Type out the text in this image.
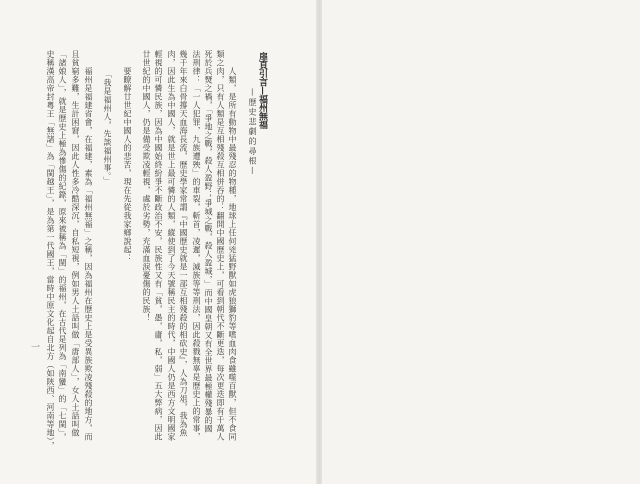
扉頁引言—福州無福
—歷史悲劇的尋根—
人類，是所有動物中最殘忍的物種，地球上任何兇猛野獸如虎狼獅豹等嗜血肉食雖噬百獸，但不食同
類之肉，只有人類是互相殘殺互相併吞的：翻開中國歷史上，可看到朝代不斷更迭，每次更迭即有千萬人
死於兵燹之禍，「爭地之戰，殺人盈野；爭城之戰，殺人盈城，」而中國皇朝又有全世界最極權殘暴的國
法刑律：「一人犯罪，九族遭殃」的車裂，斬首，凌遲，滅族等等刑法，因此殺戮無辜是歷史上的常事，
幾千年來白骨撐天血海長流，歷史學家常謂『中國歷史就是一部互相殘殺的相砍史』，人為刀俎，我為魚
肉，因此生為中國人，就是世上最可憐的人類，縱使到了今天號稱民主的時代，中國人仍是西方文明國家
輕視的可憐民族，因為中國始終紛爭不斷政治不安，民族性又有「貧，愚，庸，私，弱」五大弊病，因此
廿世紀的中國人，仍是備受欺凌輕視，處於劣勢，充滿血淚憂傷的民族！
要瞭解廿世紀中國人的悲苦，現在先從我家鄉說起：
「我是福州人，先談福州事。」
福州是福建省會，在福建，素為「福州無福」之稱，因為福州在歷史上是受異族欺凌殘殺的地方，而
且貧窮多難，生計困窘，因此人性多冷酷深沉，自私短視，例如男人土話叫做「唐部人」，女人土話叫做
「諸娘人」，就是歷史上極為慘傷的紀錄，原來被稱為「閩」的福州，在古代是列為「南蠻」的「七閩」，
史稱漢高帝封粵王「無諸」為「閩越王」，是為第一代國王，當時中原文化起自北方（如陝西、河南等地），
一
